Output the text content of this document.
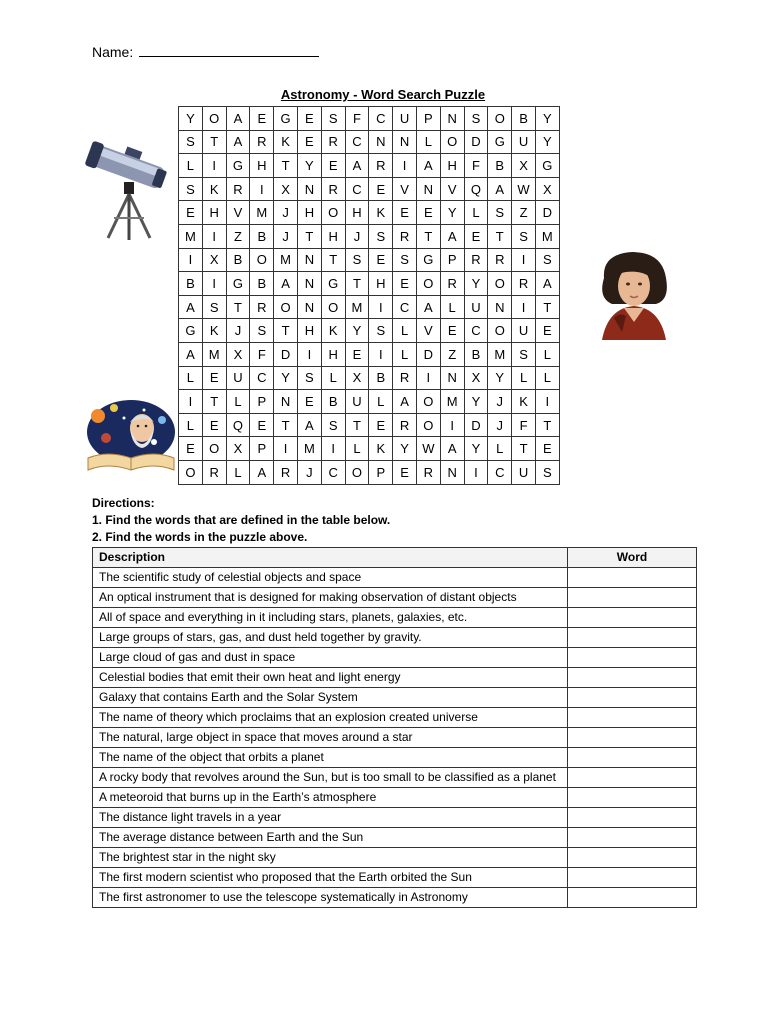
Name:
Astronomy - Word Search Puzzle
Y	O	A	E	G	E	S	F	C	U	P	N	S	O	B	Y
S	T	A	R	K	E	R	C	N	N	L	O	D	G	U	Y
L	I	G	H	T	Y	E	A	R	I	A	H	F	B	X	G
S	K	R	I	X	N	R	C	E	V	N	V	Q	A	W	X
E	H	V	M	J	H	O	H	K	E	E	Y	L	S	Z	D
M	I	Z	B	J	T	H	J	S	R	T	A	E	T	S	M
I	X	B	O	M	N	T	S	E	S	G	P	R	R	I	S
B	I	G	B	A	N	G	T	H	E	O	R	Y	O	R	A
A	S	T	R	O	N	O	M	I	C	A	L	U	N	I	T
G	K	J	S	T	H	K	Y	S	L	V	E	C	O	U	E
A	M	X	F	D	I	H	E	I	L	D	Z	B	M	S	L
L	E	U	C	Y	S	L	X	B	R	I	N	X	Y	L	L
I	T	L	P	N	E	B	U	L	A	O	M	Y	J	K	I
L	E	Q	E	T	A	S	T	E	R	O	I	D	J	F	T
E	O	X	P	I	M	I	L	K	Y	W	A	Y	L	T	E
O	R	L	A	R	J	C	O	P	E	R	N	I	C	U	S
Directions:
1. Find the words that are defined in the table below.
2. Find the words in the puzzle above.
Description	Word
The scientific study of celestial objects and space	
An optical instrument that is designed for making observation of distant objects	
All of space and everything in it including stars, planets, galaxies, etc.	
Large groups of stars, gas, and dust held together by gravity.	
Large cloud of gas and dust in space	
Celestial bodies that emit their own heat and light energy	
Galaxy that contains Earth and the Solar System	
The name of theory which proclaims that an explosion created universe	
The natural, large object in space that moves around a star	
The name of the object that orbits a planet	
A rocky body that revolves around the Sun, but is too small to be classified as a planet	
A meteoroid that burns up in the Earth’s atmosphere	
The distance light travels in a year	
The average distance between Earth and the Sun	
The brightest star in the night sky	
The first modern scientist who proposed that the Earth orbited the Sun	
The first astronomer to use the telescope systematically in Astronomy	
